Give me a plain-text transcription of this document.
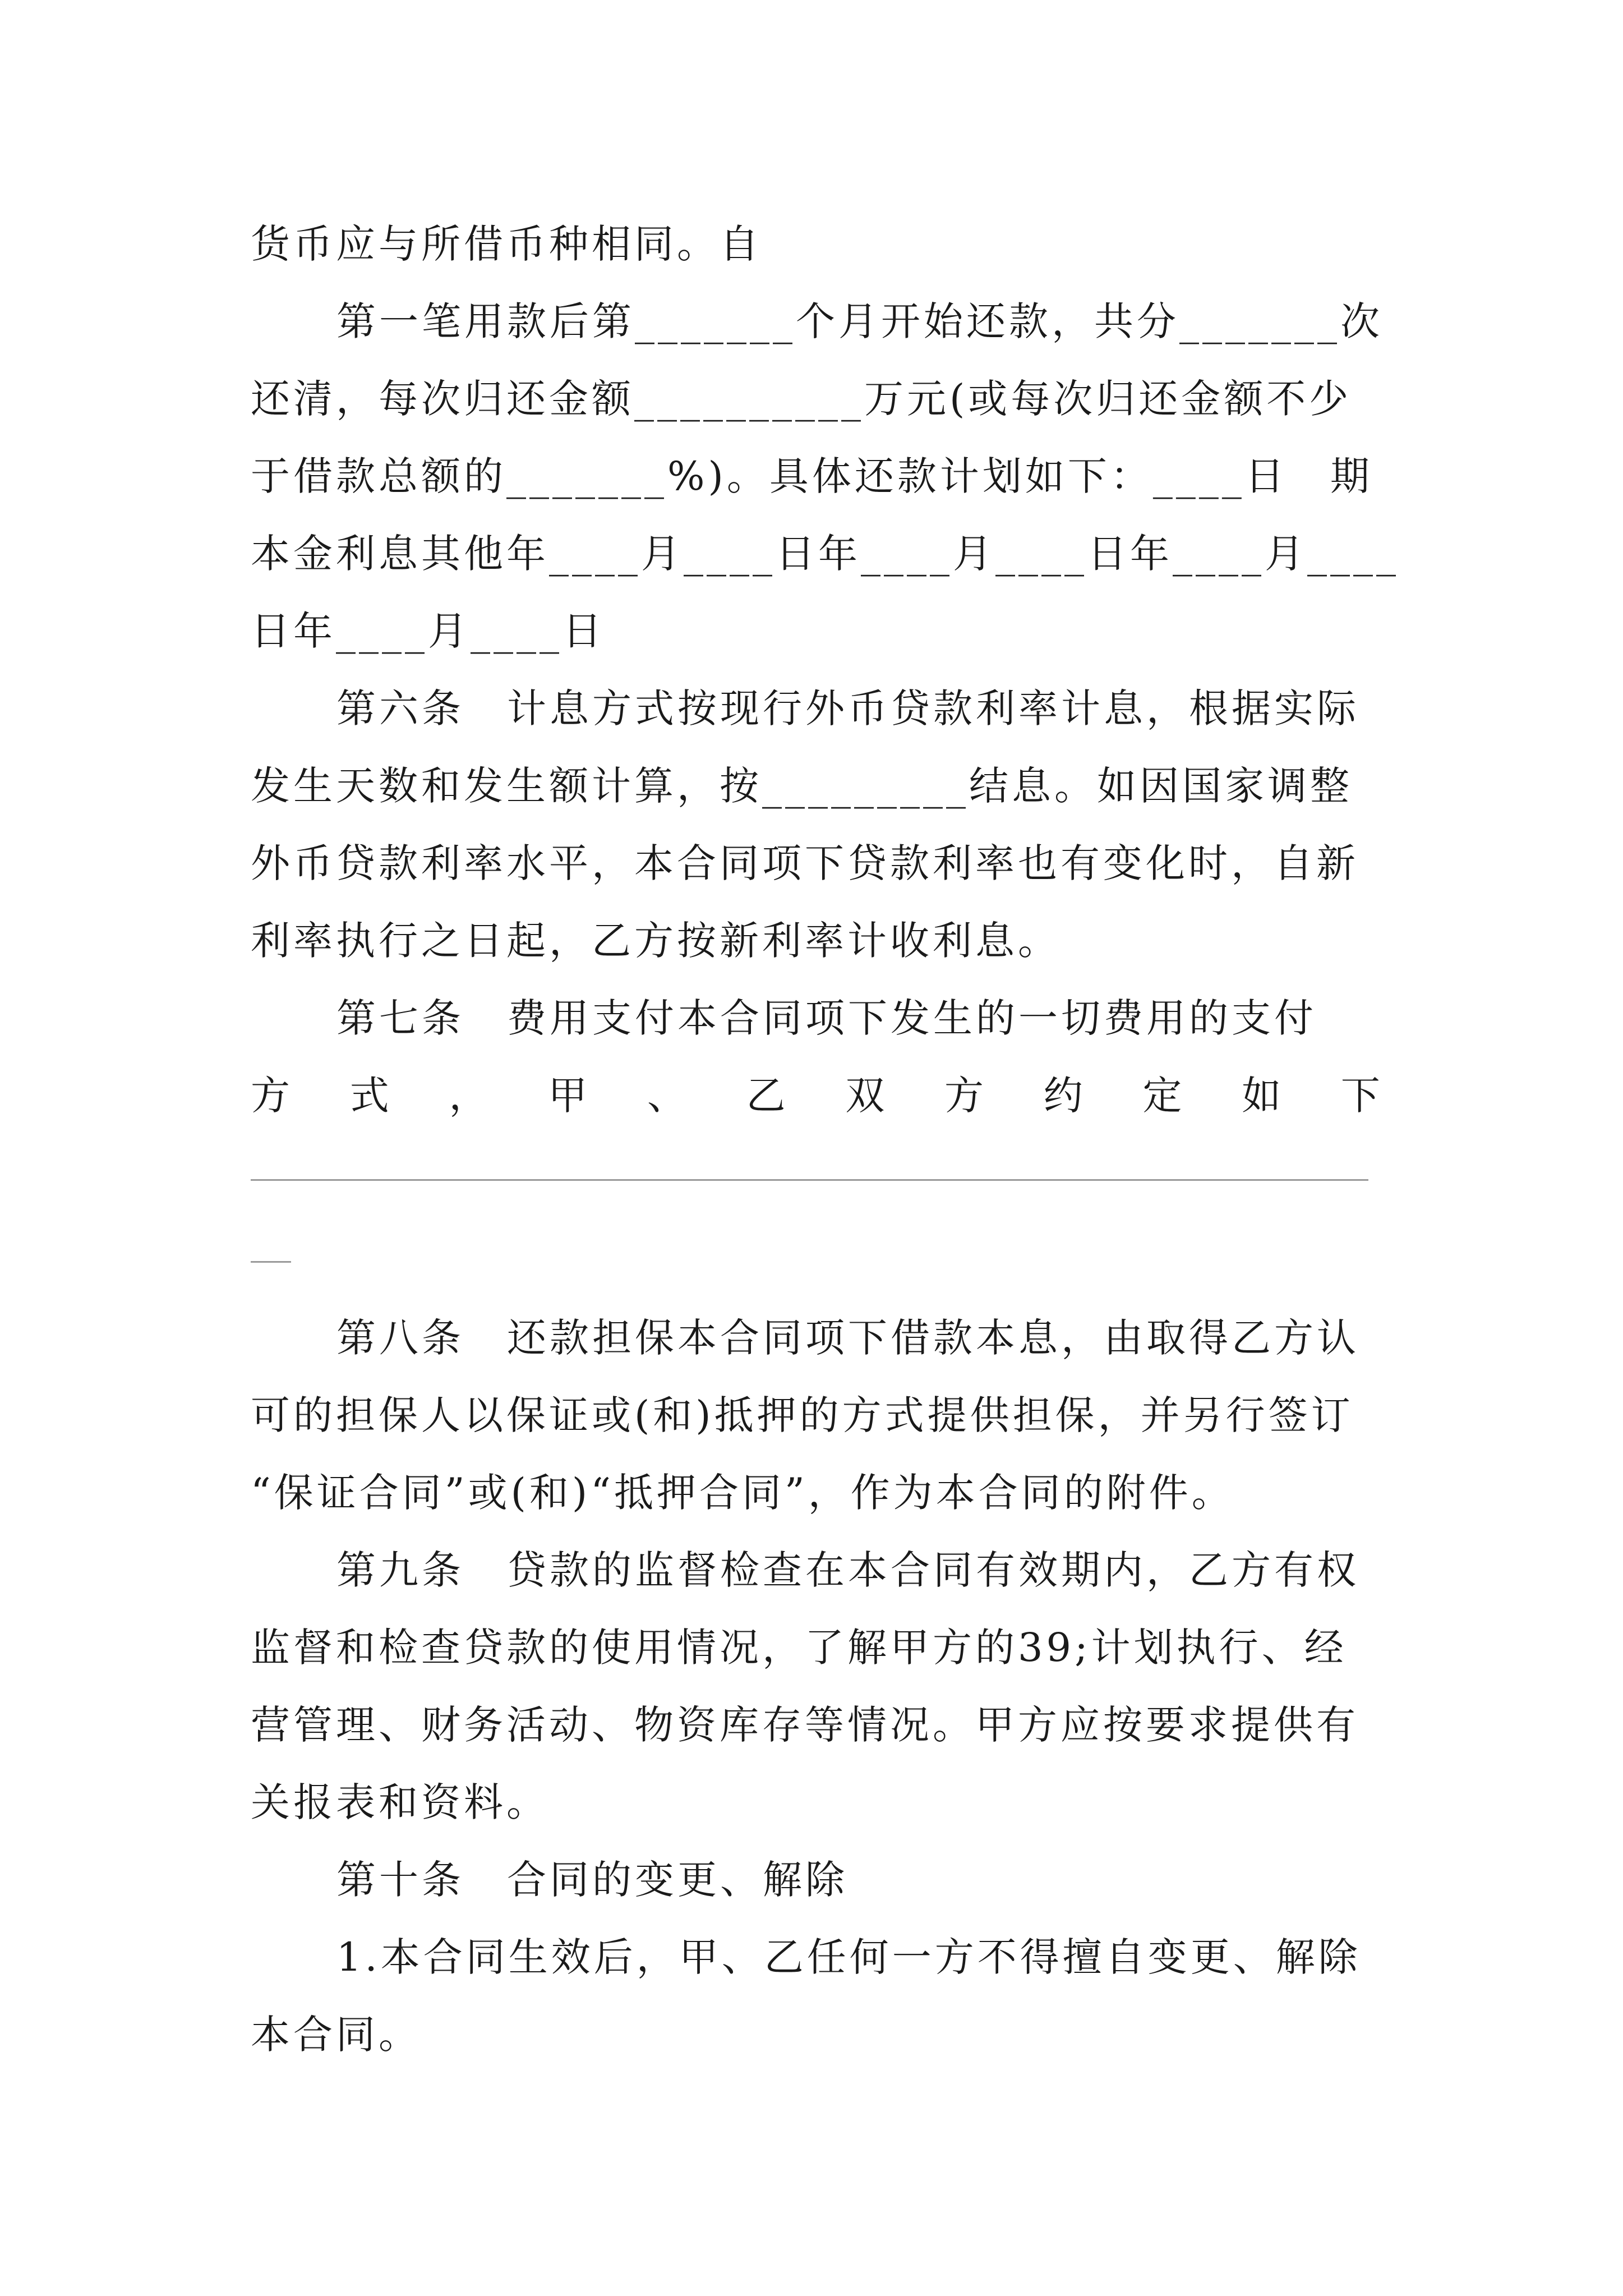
货币应与所借币种相同。自
第一笔用款后第_______个月开始还款，共分_______次
还清，每次归还金额__________万元(或每次归还金额不少
于借款总额的_______%)。具体还款计划如下：____日　期
本金利息其他年____月____日年____月____日年____月____
日年____月____日
第六条　计息方式按现行外币贷款利率计息，根据实际
发生天数和发生额计算，按_________结息。如因国家调整
外币贷款利率水平，本合同项下贷款利率也有变化时，自新
利率执行之日起，乙方按新利率计收利息。
第七条　费用支付本合同项下发生的一切费用的支付
方 式 ， 甲 、 乙 双 方 约 定 如 下
第八条　还款担保本合同项下借款本息，由取得乙方认
可的担保人以保证或(和)抵押的方式提供担保，并另行签订
“保证合同”或(和)“抵押合同”，作为本合同的附件。
第九条　贷款的监督检查在本合同有效期内，乙方有权
监督和检查贷款的使用情况，了解甲方的39;计划执行、经
营管理、财务活动、物资库存等情况。甲方应按要求提供有
关报表和资料。
第十条　合同的变更、解除
1.本合同生效后，甲、乙任何一方不得擅自变更、解除
本合同。
